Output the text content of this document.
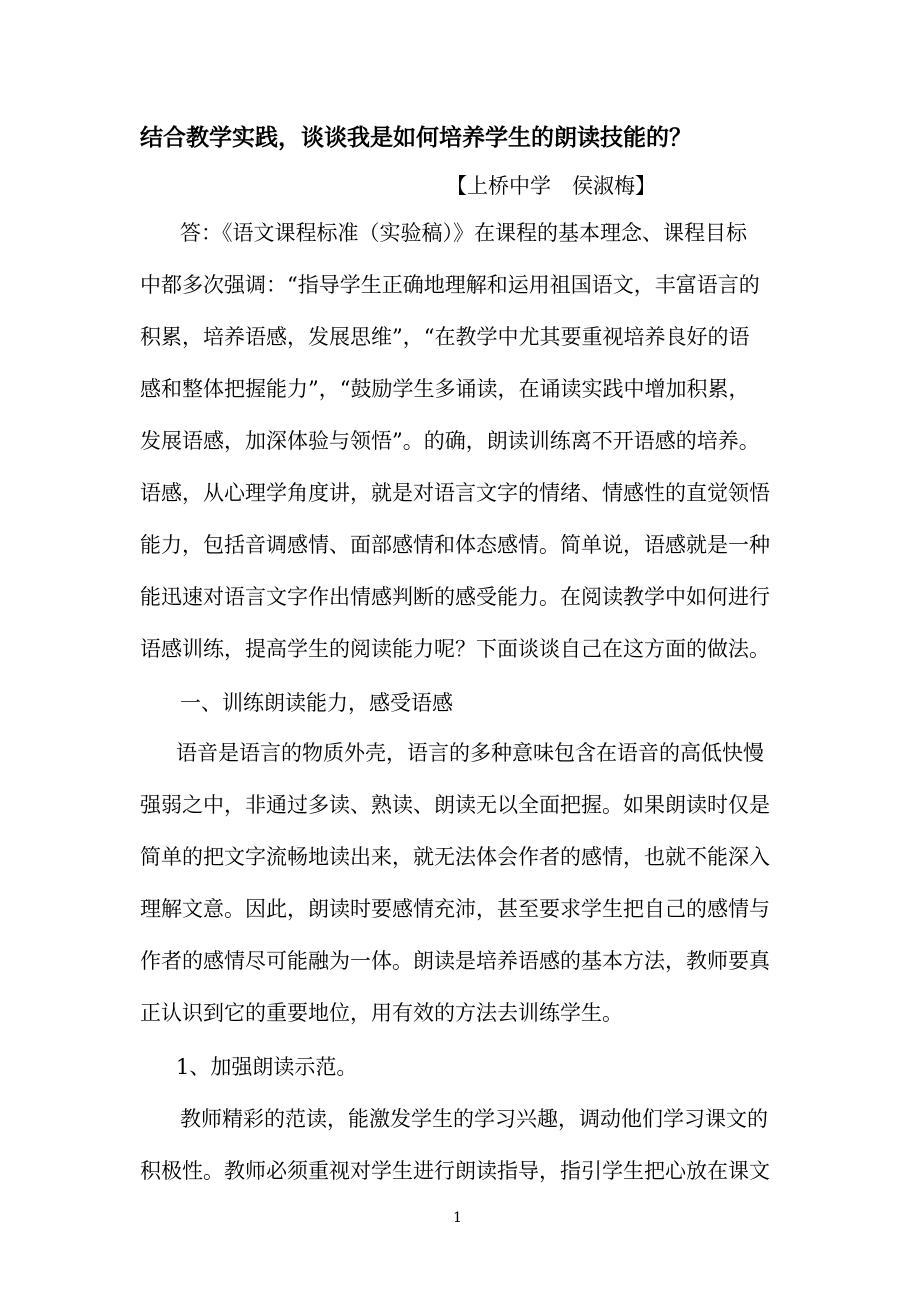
结合教学实践，谈谈我是如何培养学生的朗读技能的？
【上桥中学　侯淑梅】
答：《语文课程标准（实验稿）》在课程的基本理念、课程目标
中都多次强调：“指导学生正确地理解和运用祖国语文，丰富语言的
积累，培养语感，发展思维”，“在教学中尤其要重视培养良好的语
感和整体把握能力”，“鼓励学生多诵读，在诵读实践中增加积累，
发展语感，加深体验与领悟”。的确，朗读训练离不开语感的培养。
语感，从心理学角度讲，就是对语言文字的情绪、情感性的直觉领悟
能力，包括音调感情、面部感情和体态感情。简单说，语感就是一种
能迅速对语言文字作出情感判断的感受能力。在阅读教学中如何进行
语感训练，提高学生的阅读能力呢？下面谈谈自己在这方面的做法。
一、训练朗读能力，感受语感
语音是语言的物质外壳，语言的多种意味包含在语音的高低快慢
强弱之中，非通过多读、熟读、朗读无以全面把握。如果朗读时仅是
简单的把文字流畅地读出来，就无法体会作者的感情，也就不能深入
理解文意。因此，朗读时要感情充沛，甚至要求学生把自己的感情与
作者的感情尽可能融为一体。朗读是培养语感的基本方法，教师要真
正认识到它的重要地位，用有效的方法去训练学生。
1、加强朗读示范。
教师精彩的范读，能激发学生的学习兴趣，调动他们学习课文的
积极性。教师必须重视对学生进行朗读指导，指引学生把心放在课文
1
